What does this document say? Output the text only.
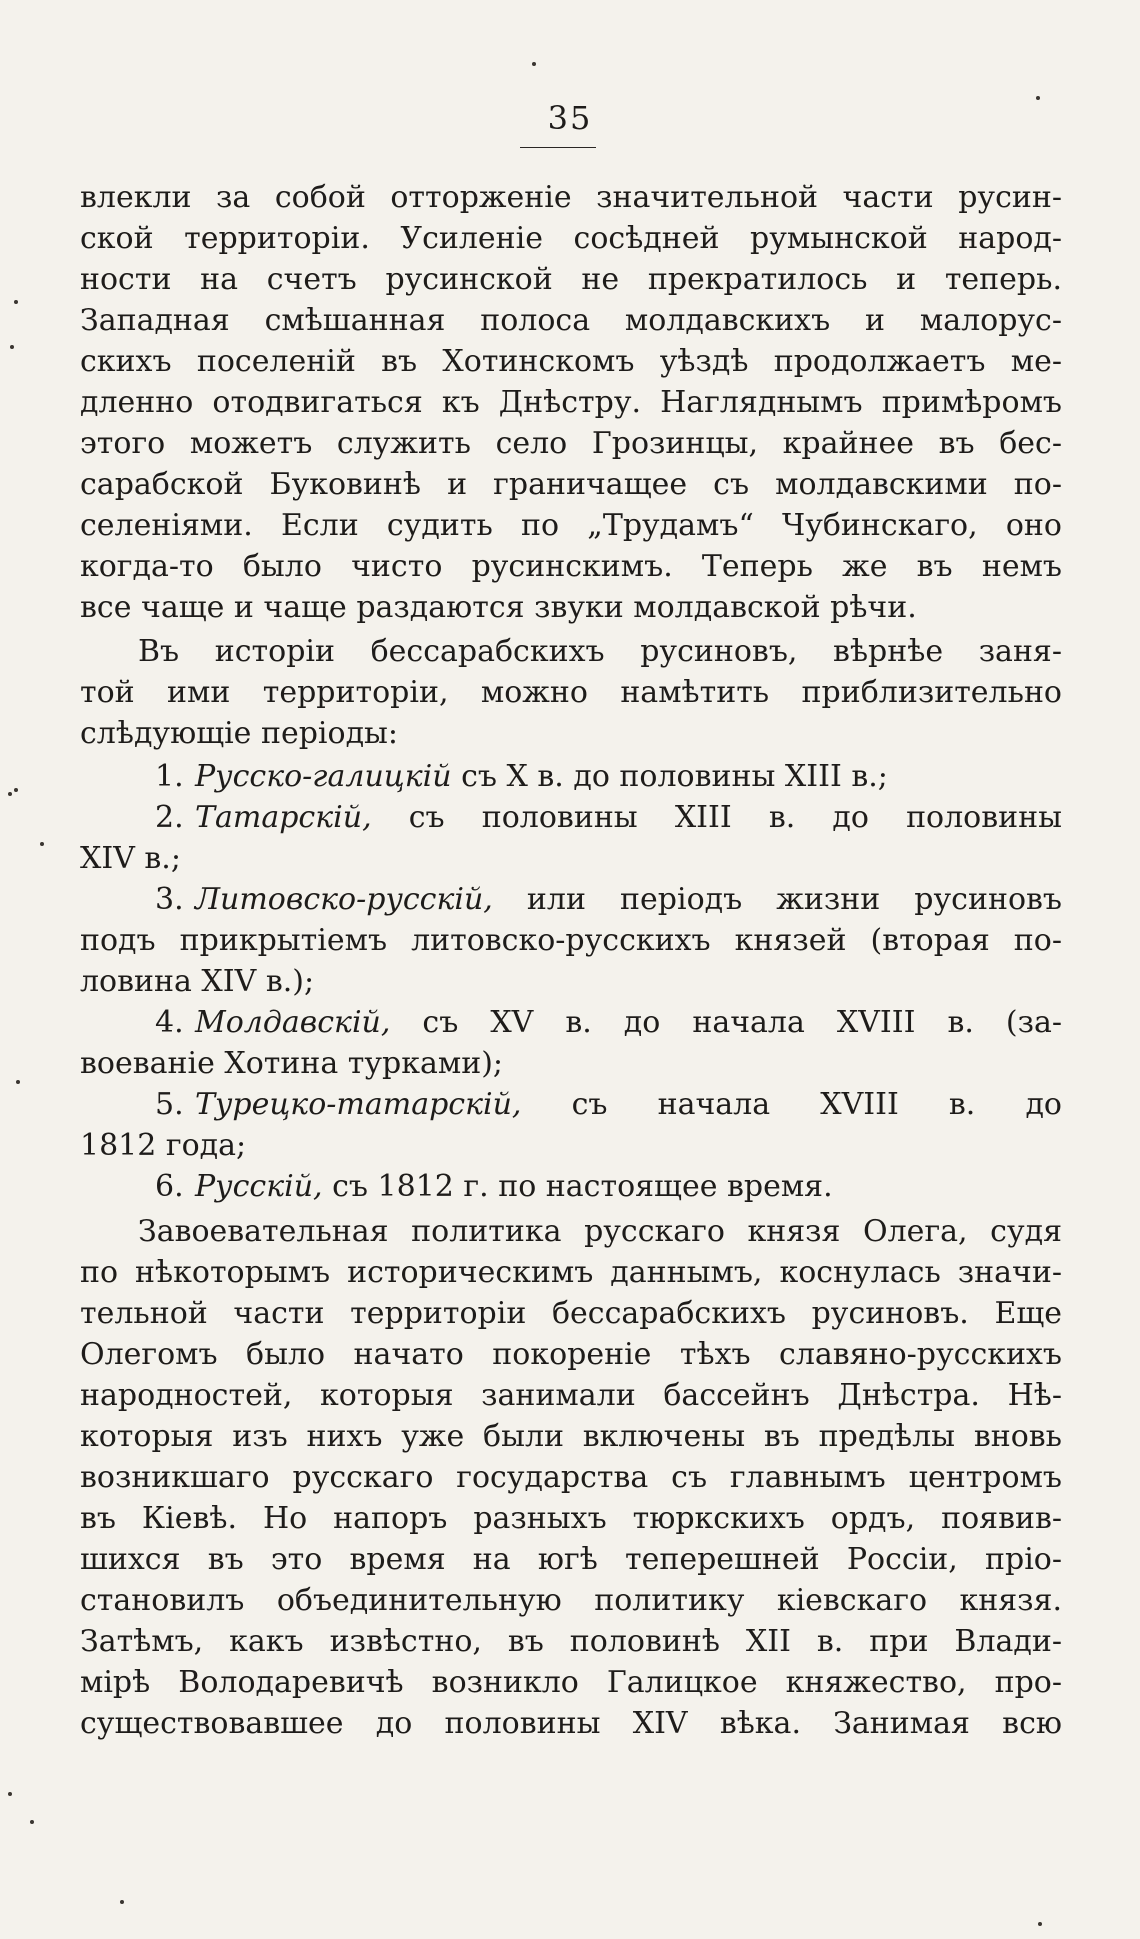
35
влекли за собой отторженіе значительной части русин-
ской территоріи. Усиленіе сосѣдней румынской народ-
ности на счетъ русинской не прекратилось и теперь.
Западная смѣшанная полоса молдавскихъ и малорус-
скихъ поселеній въ Хотинскомъ уѣздѣ продолжаетъ ме-
дленно отодвигаться къ Днѣстру. Нагляднымъ примѣромъ
этого можетъ служить село Грозинцы, крайнее въ бес-
сарабской Буковинѣ и граничащее съ молдавскими по-
селеніями. Если судить по „Трудамъ“ Чубинскаго, оно
когда-то было чисто русинскимъ. Теперь же въ немъ
все чаще и чаще раздаются звуки молдавской рѣчи.
Въ исторіи бессарабскихъ русиновъ, вѣрнѣе заня-
той ими территоріи, можно намѣтить приблизительно
слѣдующіе періоды:
1. Русско-галицкій съ X в. до половины XIII в.;
2. Татарскій, съ половины XIII в. до половины
XIV в.;
3. Литовско-русскій, или періодъ жизни русиновъ
подъ прикрытіемъ литовско-русскихъ князей (вторая по-
ловина XIV в.);
4. Молдавскій, съ XV в. до начала XVIII в. (за-
воеваніе Хотина турками);
5. Турецко-татарскій, съ начала XVIII в. до
1812 года;
6. Русскій, съ 1812 г. по настоящее время.
Завоевательная политика русскаго князя Олега, судя
по нѣкоторымъ историческимъ даннымъ, коснулась значи-
тельной части территоріи бессарабскихъ русиновъ. Еще
Олегомъ было начато покореніе тѣхъ славяно-русскихъ
народностей, которыя занимали бассейнъ Днѣстра. Нѣ-
которыя изъ нихъ уже были включены въ предѣлы вновь
возникшаго русскаго государства съ главнымъ центромъ
въ Кіевѣ. Но напоръ разныхъ тюркскихъ ордъ, появив-
шихся въ это время на югѣ теперешней Россіи, пріо-
становилъ объединительную политику кіевскаго князя.
Затѣмъ, какъ извѣстно, въ половинѣ XII в. при Влади-
мірѣ Володаревичѣ возникло Галицкое княжество, про-
существовавшее до половины XIV вѣка. Занимая всю
